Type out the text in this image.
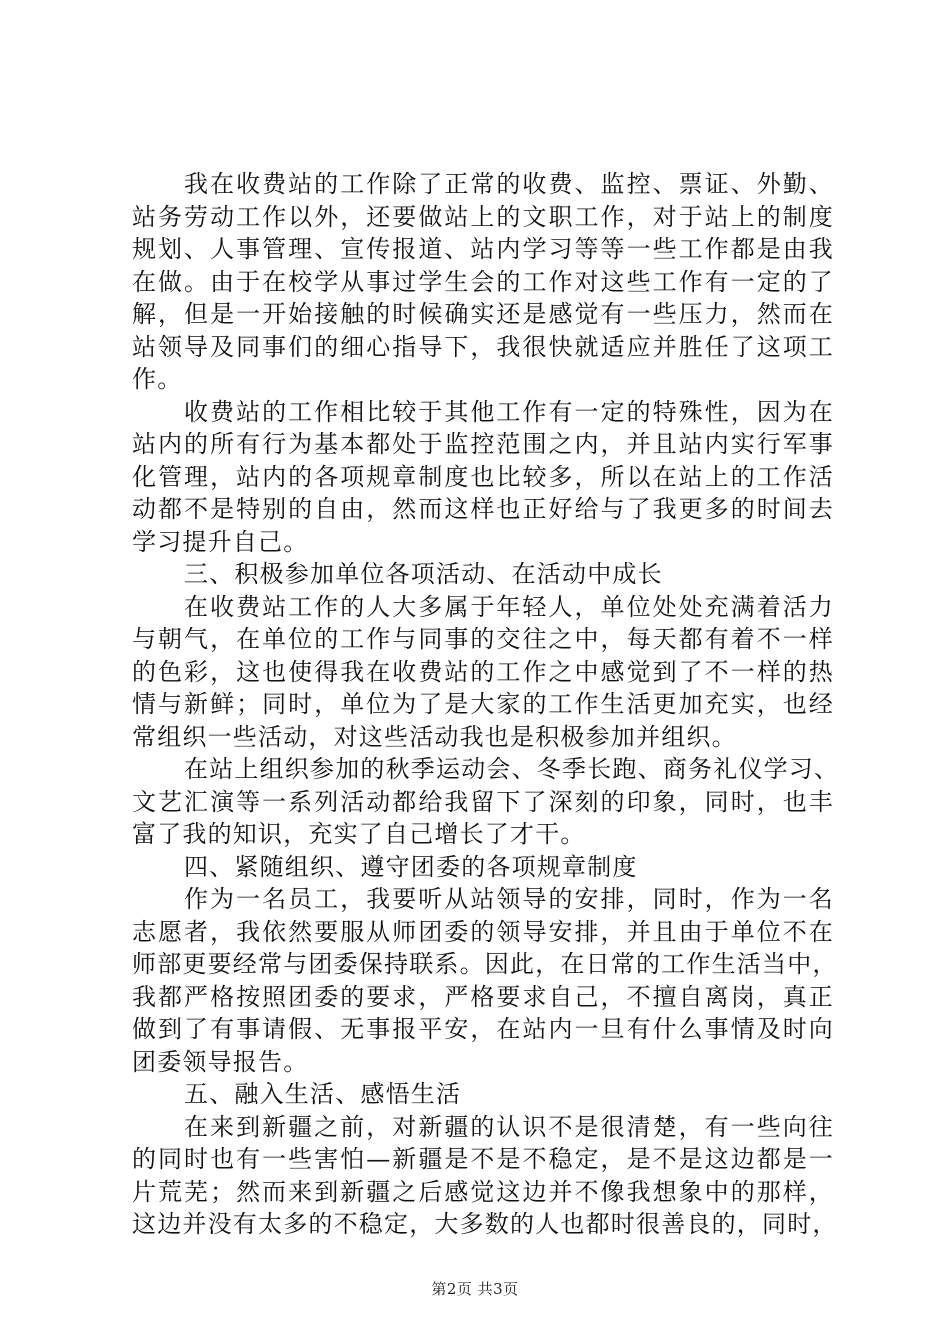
我在收费站的工作除了正常的收费、监控、票证、外勤、
站务劳动工作以外，还要做站上的文职工作，对于站上的制度
规划、人事管理、宣传报道、站内学习等等一些工作都是由我
在做。由于在校学从事过学生会的工作对这些工作有一定的了
解，但是一开始接触的时候确实还是感觉有一些压力，然而在
站领导及同事们的细心指导下，我很快就适应并胜任了这项工
作。
收费站的工作相比较于其他工作有一定的特殊性，因为在
站内的所有行为基本都处于监控范围之内，并且站内实行军事
化管理，站内的各项规章制度也比较多，所以在站上的工作活
动都不是特别的自由，然而这样也正好给与了我更多的时间去
学习提升自己。
三、积极参加单位各项活动、在活动中成长
在收费站工作的人大多属于年轻人，单位处处充满着活力
与朝气，在单位的工作与同事的交往之中，每天都有着不一样
的色彩，这也使得我在收费站的工作之中感觉到了不一样的热
情与新鲜；同时，单位为了是大家的工作生活更加充实，也经
常组织一些活动，对这些活动我也是积极参加并组织。
在站上组织参加的秋季运动会、冬季长跑、商务礼仪学习、
文艺汇演等一系列活动都给我留下了深刻的印象，同时，也丰
富了我的知识，充实了自己增长了才干。
四、紧随组织、遵守团委的各项规章制度
作为一名员工，我要听从站领导的安排，同时，作为一名
志愿者，我依然要服从师团委的领导安排，并且由于单位不在
师部更要经常与团委保持联系。因此，在日常的工作生活当中，
我都严格按照团委的要求，严格要求自己，不擅自离岗，真正
做到了有事请假、无事报平安，在站内一旦有什么事情及时向
团委领导报告。
五、融入生活、感悟生活
在来到新疆之前，对新疆的认识不是很清楚，有一些向往
的同时也有一些害怕—新疆是不是不稳定，是不是这边都是一
片荒芜；然而来到新疆之后感觉这边并不像我想象中的那样，
这边并没有太多的不稳定，大多数的人也都时很善良的，同时，
第2页 共3页
